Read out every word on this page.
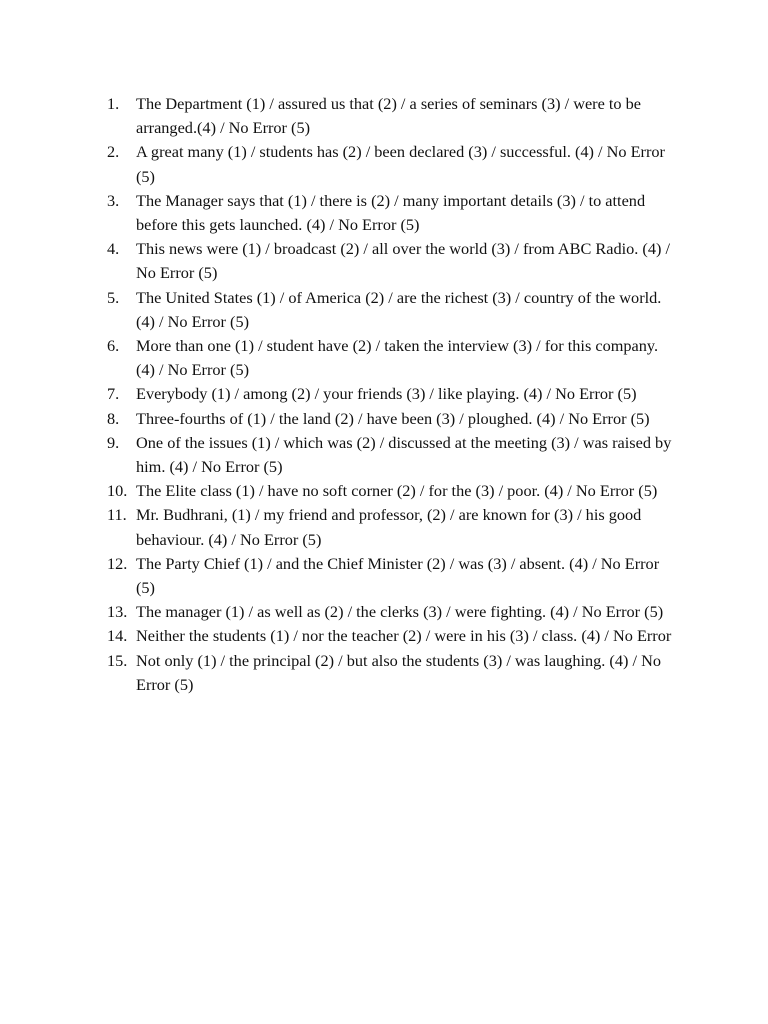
1.	The Department (1) / assured us that (2) / a series of seminars (3) / were to be arranged.(4) / No Error (5)
2.	A great many (1) / students has (2) / been declared (3) / successful. (4) / No Error (5)
3.	The Manager says that (1) / there is (2) / many important details (3) / to attend before this gets launched. (4) / No Error (5)
4.	This news were (1) / broadcast (2) / all over the world (3) / from ABC Radio. (4) / No Error (5)
5.	The United States (1) / of America (2) / are the richest (3) / country of the world. (4) / No Error (5)
6.	More than one (1) / student have (2) / taken the interview (3) / for this company. (4) / No Error (5)
7.	Everybody (1) / among (2) / your friends (3) / like playing. (4) / No Error (5)
8.	Three-fourths of (1) / the land (2) / have been (3) / ploughed. (4) / No Error (5)
9.	One of the issues (1) / which was (2) / discussed at the meeting (3) / was raised by him. (4) / No Error (5)
10. The Elite class (1) / have no soft corner (2) / for the (3) / poor. (4) / No Error (5)
11. Mr. Budhrani, (1) / my friend and professor, (2) / are known for (3) / his good behaviour. (4) / No Error (5)
12. The Party Chief (1) / and the Chief Minister (2) / was (3) / absent. (4) / No Error (5)
13. The manager (1) / as well as (2) / the clerks (3) / were fighting. (4) / No Error (5)
14. Neither the students (1) / nor the teacher (2) / were in his (3) / class. (4) / No Error
15. Not only (1) / the principal (2) / but also the students (3) / was laughing. (4) / No Error (5)
